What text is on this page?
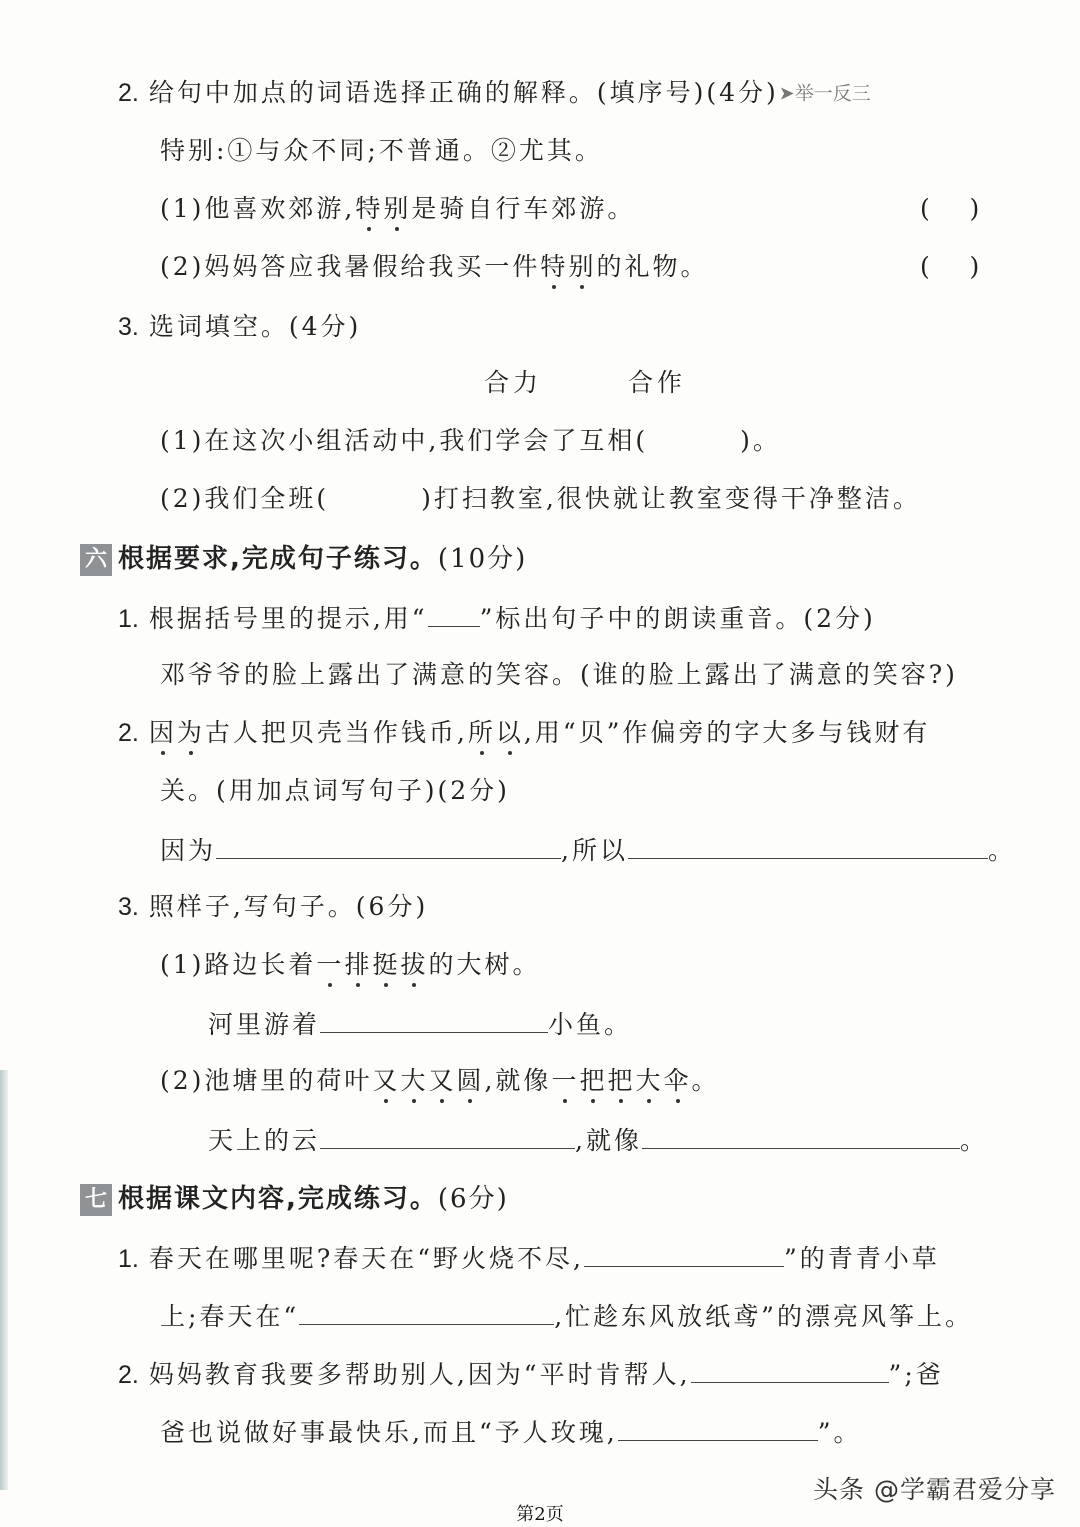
2. 给句中加点的词语选择正确的解释。(填序号)(4分)➤举一反三
特别:①与众不同;不普通。②尤其。
(1)他喜欢郊游,特别是骑自行车郊游。	(     )
(2)妈妈答应我暑假给我买一件特别的礼物。	(     )
3. 选词填空。(4分)
合力	合作
(1)在这次小组活动中,我们学会了互相(	)。
(2)我们全班(	)打扫教室,很快就让教室变得干净整洁。
六 根据要求,完成句子练习。(10分)
1. 根据括号里的提示,用“ ”标出句子中的朗读重音。(2分)
邓爷爷的脸上露出了满意的笑容。(谁的脸上露出了满意的笑容?)
2. 因为古人把贝壳当作钱币,所以,用“贝”作偏旁的字大多与钱财有
关。(用加点词写句子)(2分)
因为	,所以	。
3. 照样子,写句子。(6分)
(1)路边长着一排挺拔的大树。
河里游着	小鱼。
(2)池塘里的荷叶又大又圆,就像一把把大伞。
天上的云	,就像	。
七 根据课文内容,完成练习。(6分)
1. 春天在哪里呢?春天在“野火烧不尽,	”的青青小草
上;春天在“	,忙趁东风放纸鸢”的漂亮风筝上。
2. 妈妈教育我要多帮助别人,因为“平时肯帮人,	”;爸
爸也说做好事最快乐,而且“予人玫瑰,	”。
头条 @学霸君爱分享
第2页
